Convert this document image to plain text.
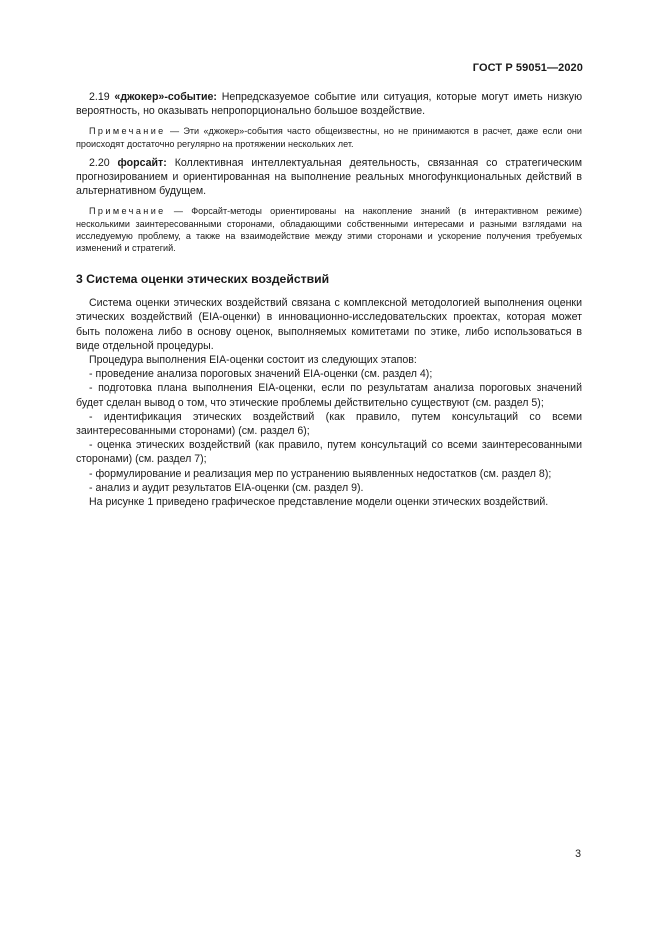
ГОСТ Р 59051—2020

2.19 «джокер»-событие: Непредсказуемое событие или ситуация, которые могут иметь низкую вероятность, но оказывать непропорционально большое воздействие.

Примечание — Эти «джокер»-события часто общеизвестны, но не принимаются в расчет, даже если они происходят достаточно регулярно на протяжении нескольких лет.

2.20 форсайт: Коллективная интеллектуальная деятельность, связанная со стратегическим прогнозированием и ориентированная на выполнение реальных многофункциональных действий в альтернативном будущем.

Примечание — Форсайт-методы ориентированы на накопление знаний (в интерактивном режиме) несколькими заинтересованными сторонами, обладающими собственными интересами и разными взглядами на исследуемую проблему, а также на взаимодействие между этими сторонами и ускорение получения требуемых изменений и стратегий.

3 Система оценки этических воздействий

Система оценки этических воздействий связана с комплексной методологией выполнения оценки этических воздействий (EIA-оценки) в инновационно-исследовательских проектах, которая может быть положена либо в основу оценок, выполняемых комитетами по этике, либо использоваться в виде отдельной процедуры.

Процедура выполнения EIA-оценки состоит из следующих этапов:

- проведение анализа пороговых значений EIA-оценки (см. раздел 4);

- подготовка плана выполнения EIA-оценки, если по результатам анализа пороговых значений будет сделан вывод о том, что этические проблемы действительно существуют (см. раздел 5);

- идентификация этических воздействий (как правило, путем консультаций со всеми заинтересованными сторонами) (см. раздел 6);

- оценка этических воздействий (как правило, путем консультаций со всеми заинтересованными сторонами) (см. раздел 7);

- формулирование и реализация мер по устранению выявленных недостатков (см. раздел 8);

- анализ и аудит результатов EIA-оценки (см. раздел 9).

На рисунке 1 приведено графическое представление модели оценки этических воздействий.

3
